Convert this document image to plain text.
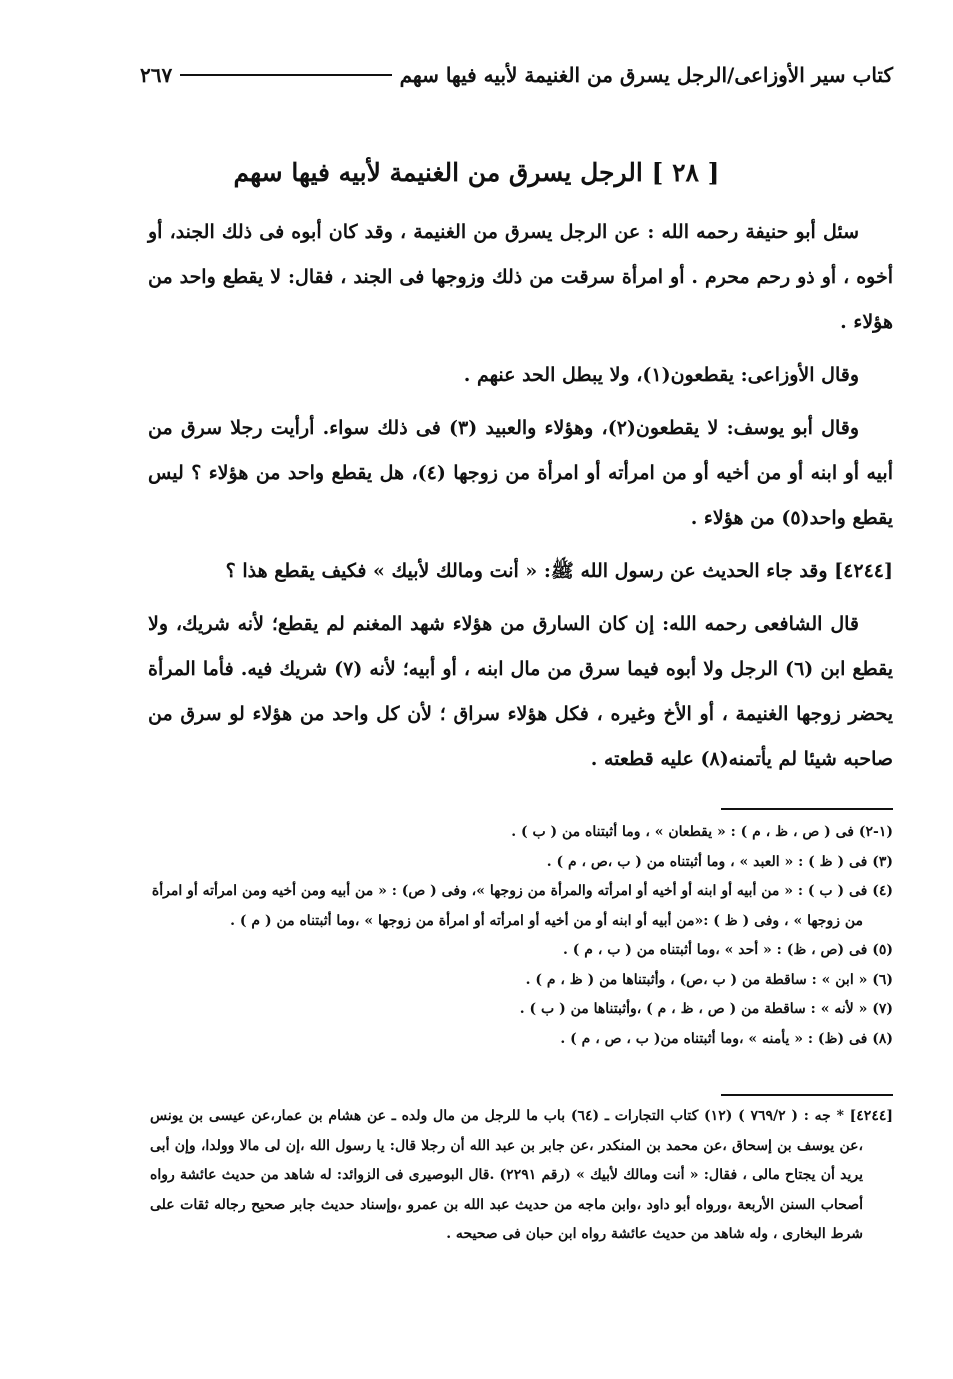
كتاب سير الأوزاعى/الرجل يسرق من الغنيمة لأبيه فيها سهم
٢٦٧
[ ٢٨ ] الرجل يسرق من الغنيمة لأبيه فيها سهم

سئل أبو حنيفة رحمه الله : عن الرجل يسرق من الغنيمة ، وقد كان أبوه فى ذلك الجند، أو أخوه ، أو ذو رحم محرم . أو امرأة سرقت من ذلك وزوجها فى الجند ، فقال: لا يقطع واحد من هؤلاء .

وقال الأوزاعى: يقطعون(١)، ولا يبطل الحد عنهم .

وقال أبو يوسف: لا يقطعون(٢)، وهؤلاء والعبيد (٣) فى ذلك سواء. أرأيت رجلا سرق من أبيه أو ابنه أو من أخيه أو من امرأته أو امرأة من زوجها (٤)، هل يقطع واحد من هؤلاء ؟ ليس يقطع واحد(٥) من هؤلاء .

[٤٢٤٤] وقد جاء الحديث عن رسول الله ﷺ: « أنت ومالك لأبيك » فكيف يقطع هذا ؟

قال الشافعى رحمه الله: إن كان السارق من هؤلاء شهد المغنم لم يقطع؛ لأنه شريك، ولا يقطع ابن (٦) الرجل ولا أبوه فيما سرق من مال ابنه ، أو أبيه؛ لأنه (٧) شريك فيه. فأما المرأة يحضر زوجها الغنيمة ، أو الأخ وغيره ، فكل هؤلاء سراق ؛ لأن كل واحد من هؤلاء لو سرق من صاحبه شيئا لم يأتمنه(٨) عليه قطعته .

(١-٢) فى ( ص ، ظ ، م ) : « يقطعان » ، وما أثبتناه من ( ب ) .

(٣) فى ( ظ ) : « العبد » ، وما أثبتناه من ( ب ،ص ، م ) .

(٤) فى ( ب ) : « من أبيه أو ابنه أو أخيه أو امرأته والمرأة من زوجها »، وفى ( ص) : « من أبيه ومن أخيه ومن امرأته أو امرأة من زوجها » ، وفى ( ظ ) :«من أبيه أو ابنه أو من أخيه أو امرأته أو امرأة من زوجها » ،وما أثبتناه من ( م ) .

(٥) فى (ص ، ظ) : « أحد » ،وما أثبتناه من ( ب ، م ) .

(٦) « ابن » : ساقطة من ( ب ،ص) ، وأثبتناها من ( ظ ، م ) .

(٧) « لأنه » : ساقطة من ( ص ، ظ ، م ) ،وأثبتناها من ( ب ) .

(٨) فى (ظ) : « يأمنه » ،وما أثبتناه من( ب ، ص ، م ) .

[٤٢٤٤] * جه : ( ٧٦٩/٢ ) (١٢) كتاب التجارات ـ (٦٤) باب ما للرجل من مال ولده ـ عن هشام بن عمار،عن عيسى بن يونس ،عن يوسف بن إسحاق ،عن محمد بن المنكدر ،عن جابر بن عبد الله أن رجلا قال: يا رسول الله ،إن لى مالا وولدا، وإن أبى يريد أن يجتاح مالى ، فقال: « أنت ومالك لأبيك » (رقم ٢٢٩١) .قال البوصيرى فى الزوائد: له شاهد من حديث عائشة رواه أصحاب السنن الأربعة ،ورواه أبو داود ،وابن ماجه من حديث عبد الله بن عمرو ،وإسناد حديث جابر صحيح رجاله ثقات على شرط البخارى ، وله شاهد من حديث عائشة رواه ابن حبان فى صحيحه .
